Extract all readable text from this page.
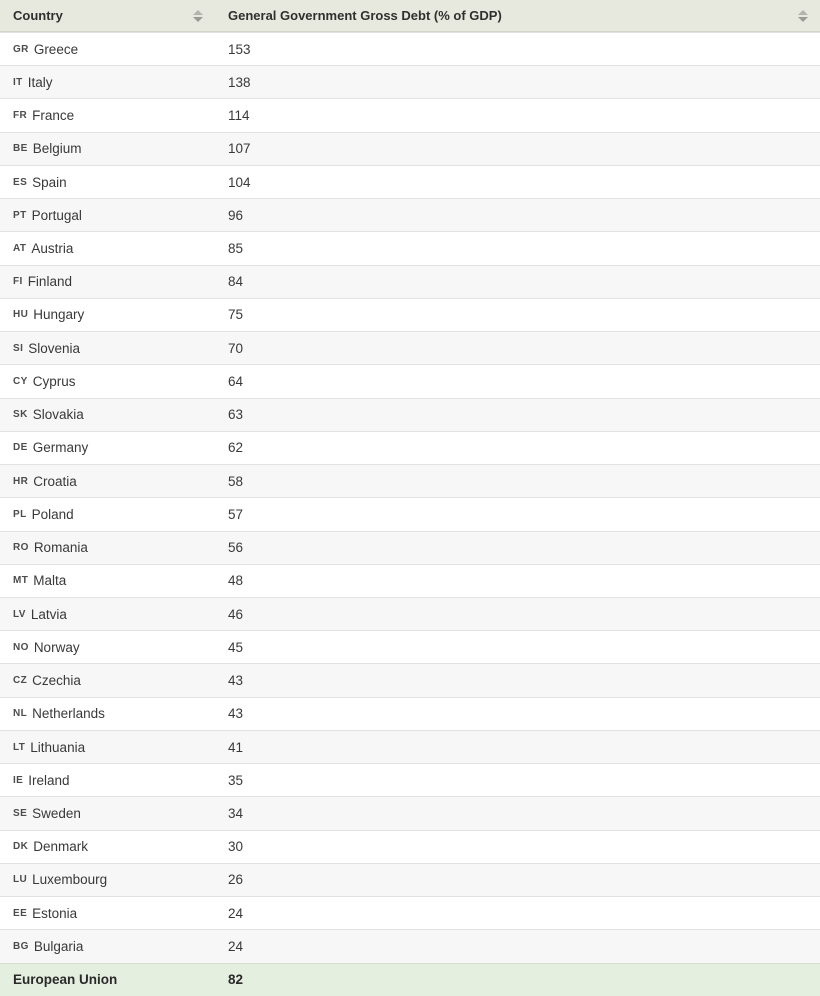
Country	General Government Gross Debt (% of GDP)
GR Greece	153
IT Italy	138
FR France	114
BE Belgium	107
ES Spain	104
PT Portugal	96
AT Austria	85
FI Finland	84
HU Hungary	75
SI Slovenia	70
CY Cyprus	64
SK Slovakia	63
DE Germany	62
HR Croatia	58
PL Poland	57
RO Romania	56
MT Malta	48
LV Latvia	46
NO Norway	45
CZ Czechia	43
NL Netherlands	43
LT Lithuania	41
IE Ireland	35
SE Sweden	34
DK Denmark	30
LU Luxembourg	26
EE Estonia	24
BG Bulgaria	24
European Union	82
